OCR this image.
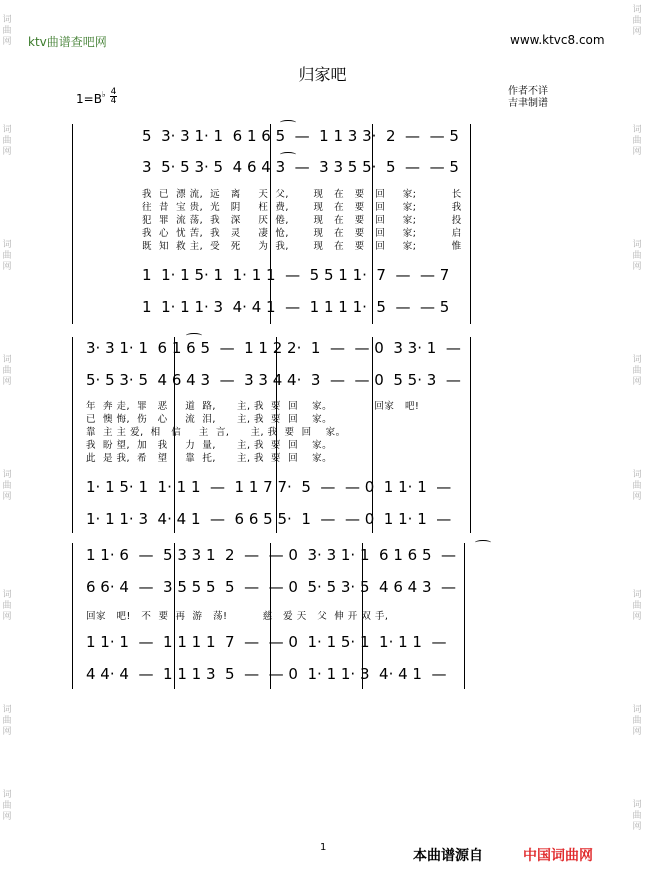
ktv曲谱查吧网	www.ktvc8.com
归家吧
1=B♭ 4
4
作者不详
吉聿制谱
词
曲
网
词
曲
网
词
曲
网
词
曲
网
词
曲
网
词
曲
网
词
曲
网
词
曲
网
词
曲
网
词
曲
网
词
曲
网
词
曲
网
词
曲
网
词
曲
网
词
曲
网
词
曲
网
5  3· 3 1· 1  6 1 6 5  —  1 1 3 3·  2  —  — 5
3  5· 5 3· 5  4 6 4 3  —  3 3 5 5·  5  —  — 5
我  已  漂 流,  远   离     天  父,       现   在   要   回     家;          长
往  昔  宝 贵,  光   阴     枉  费,       现   在   要   回     家;          我
犯  罪  流 荡,  我   深     厌  倦,       现   在   要   回     家;          投
我  心  忧 苦,  我   灵     凄  怆,       现   在   要   回     家;          启
既  知  救 主,  受   死     为  我,       现   在   要   回     家;          惟
1  1· 1 5· 1  1· 1 1  —  5 5 1 1·  7  —  — 7
1  1· 1 1· 3  4· 4 1  —  1 1 1 1·  5  —  — 5
3· 3 1· 1  6 1 6 5  —  1 1 2 2·  1  —  — 0  3 3· 1  —
5· 5 3· 5  4 6 4 3  —  3 3 4 4·  3  —  — 0  5 5· 3  —
年  奔 走,  罪   恶     道  路,      主, 我  要  回    家。            回家   吧!
已  懊 悔,  伤   心     流  泪,      主, 我  要  回    家。
靠  主 主 爱,  相   信     主  言,      主, 我  要  回    家。
我  盼 望,  加   我     力  量,      主, 我  要  回    家。
此  是 我,  希   望     靠  托,      主, 我  要  回    家。
1· 1 5· 1  1· 1 1  —  1 1 7 7·  5  —  — 0  1 1· 1  —
1· 1 1· 3  4· 4 1  —  6 6 5 5·  1  —  — 0  1 1· 1  —
1 1· 6  —  5 3 3 1  2  —  — 0  3· 3 1· 1  6 1 6 5  —
6 6· 4  —  3 5 5 5  5  —  — 0  5· 5 3· 5  4 6 4 3  —
回家   吧!   不  要  再  游   荡!          慈   爱 天   父  伸 开 双 手,
1 1· 1  —  1 1 1 1  7  —  — 0  1· 1 5· 1  1· 1 1  —
4 4· 4  —  1 1 1 3  5  —  — 0  1· 1 1· 3  4· 4 1  —
1
本曲谱源自	中国词曲网
